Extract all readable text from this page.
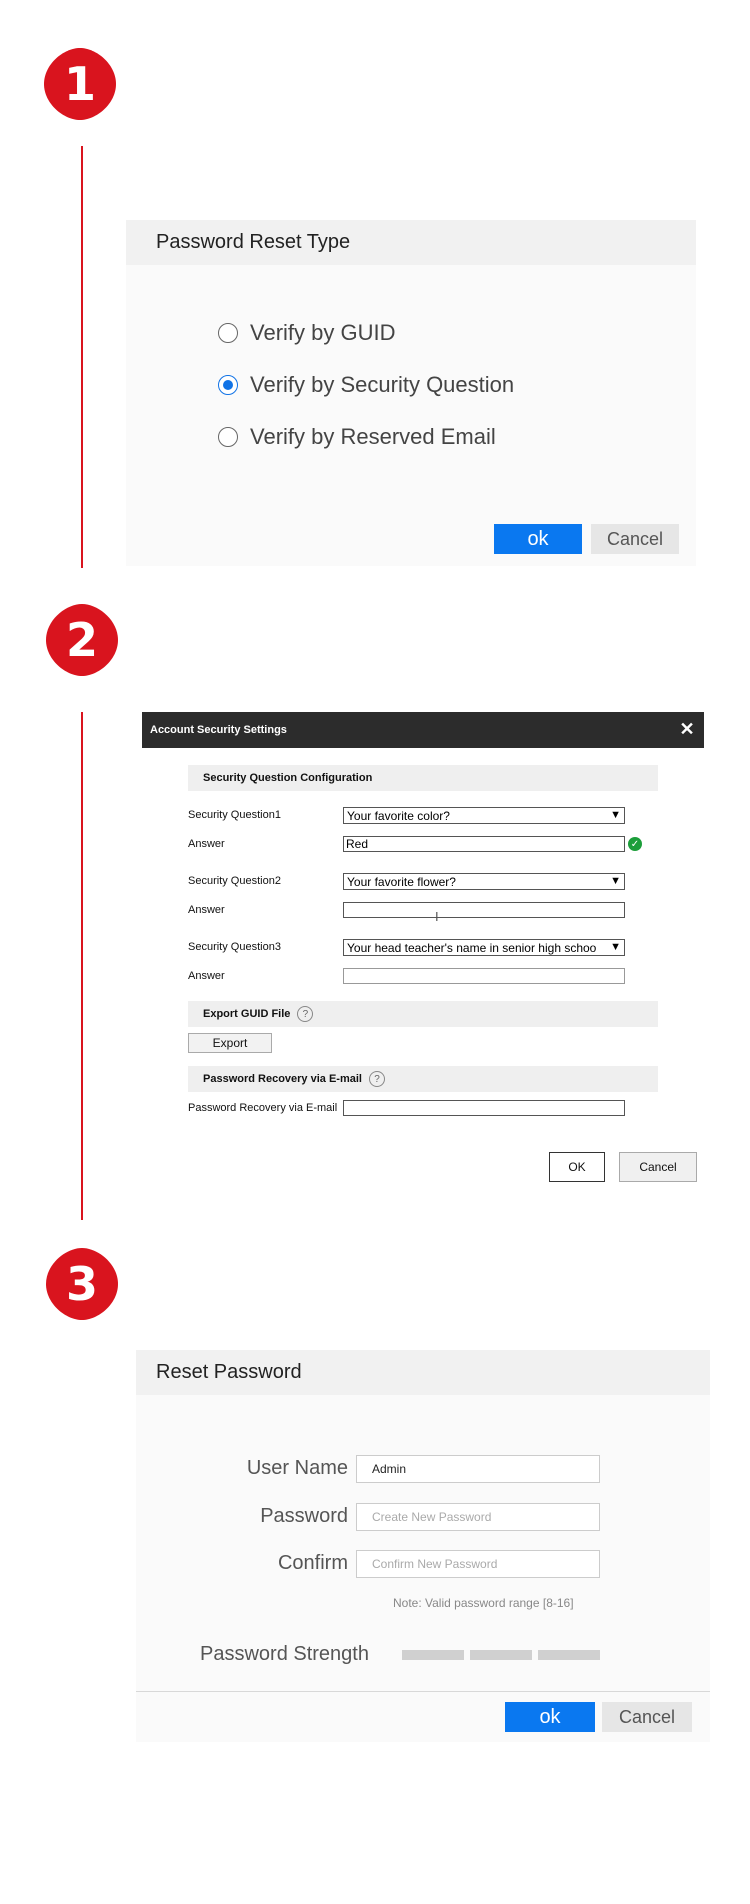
1
Password Reset Type
Verify by GUID
Verify by Security Question
Verify by Reserved Email
ok	Cancel
2
Account Security Settings	✕
Security Question Configuration
Security Question1	Your favorite color?	▼
Answer	Red	✓
Security Question2	Your favorite flower?	▼
Answer	I
Security Question3	Your head teacher's name in senior high schoo ▼
Answer
Export GUID File	?
Export
Password Recovery via E-mail	?
Password Recovery via E-mail
OK	Cancel
3
Reset Password
User Name	Admin
Password	Create New Password
Confirm	Confirm New Password
Note: Valid password range [8-16]
Password Strength
ok	Cancel
